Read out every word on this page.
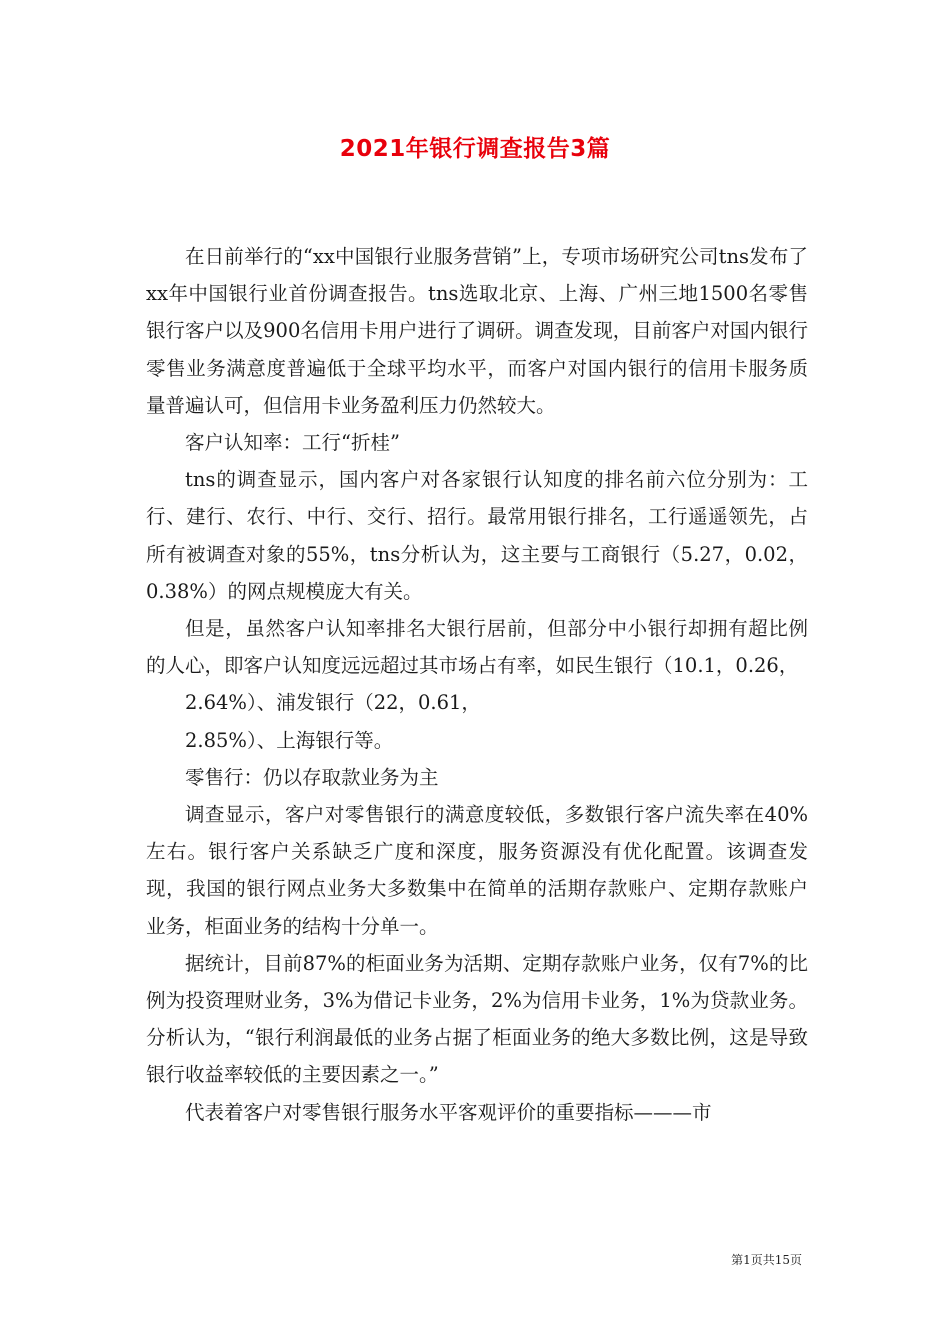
2021年银行调查报告3篇

在日前举行的“xx中国银行业服务营销”上，专项市场研究公司tns发布了xx年中国银行业首份调查报告。tns选取北京、上海、广州三地1500名零售银行客户以及900名信用卡用户进行了调研。调查发现，目前客户对国内银行零售业务满意度普遍低于全球平均水平，而客户对国内银行的信用卡服务质量普遍认可，但信用卡业务盈利压力仍然较大。

客户认知率：工行“折桂”

tns的调查显示，国内客户对各家银行认知度的排名前六位分别为：工行、建行、农行、中行、交行、招行。最常用银行排名，工行遥遥领先，占所有被调查对象的55%，tns分析认为，这主要与工商银行（5.27，0.02，0.38%）的网点规模庞大有关。

但是，虽然客户认知率排名大银行居前，但部分中小银行却拥有超比例的人心，即客户认知度远远超过其市场占有率，如民生银行（10.1，0.26，

2.64%）、浦发银行（22，0.61，

2.85%）、上海银行等。

零售行：仍以存取款业务为主

调查显示，客户对零售银行的满意度较低，多数银行客户流失率在40%左右。银行客户关系缺乏广度和深度，服务资源没有优化配置。该调查发现，我国的银行网点业务大多数集中在简单的活期存款账户、定期存款账户业务，柜面业务的结构十分单一。

据统计，目前87%的柜面业务为活期、定期存款账户业务，仅有7%的比例为投资理财业务，3%为借记卡业务，2%为信用卡业务，1%为贷款业务。分析认为，“银行利润最低的业务占据了柜面业务的绝大多数比例，这是导致银行收益率较低的主要因素之一。”

代表着客户对零售银行服务水平客观评价的重要指标———市

第1页共15页
